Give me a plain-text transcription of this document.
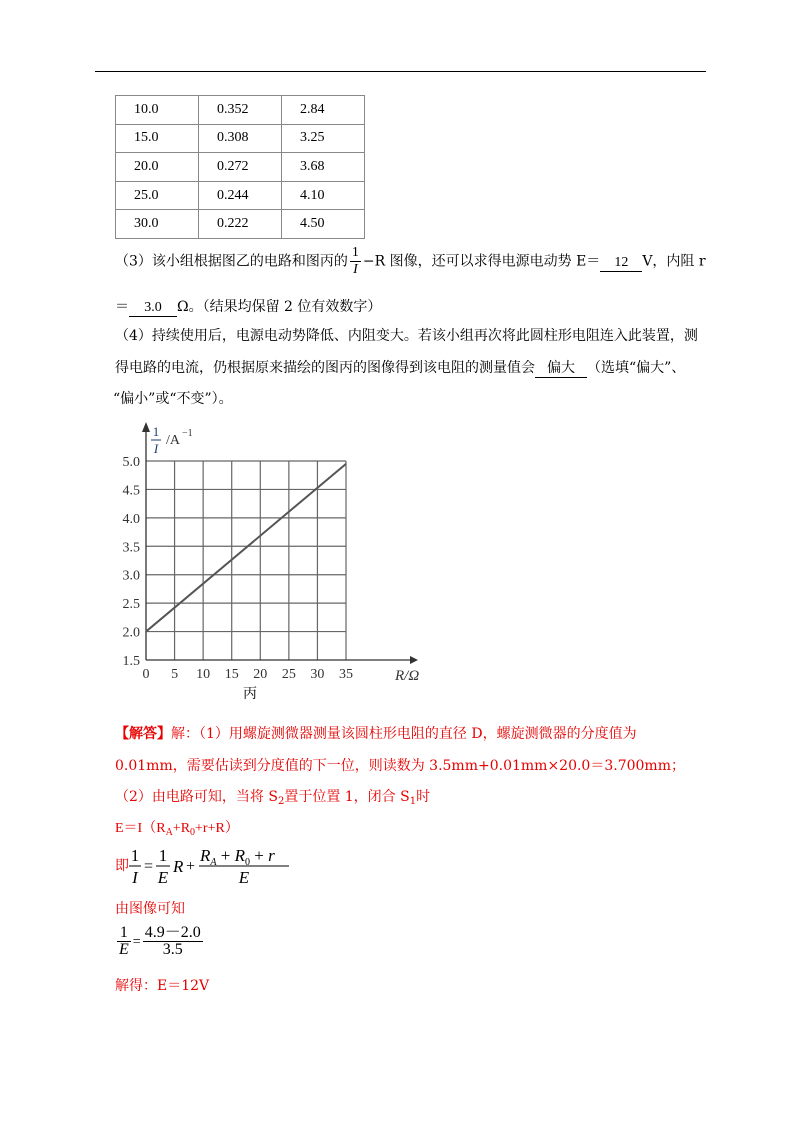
10.0	0.352	2.84
15.0	0.308	3.25
20.0	0.272	3.68
25.0	0.244	4.10
30.0	0.222	4.50
（3）该小组根据图乙的电路和图丙的 $\frac{1}{I} -R$ 图像，还可以求得电源电动势 E＝ 12 V，内阻 r
＝ 3.0 Ω。（结果均保留 2 位有效数字）
（4）持续使用后，电源电动势降低、内阻变大。若该小组再次将此圆柱形电阻连入此装置，测
得电路的电流，仍根据原来描绘的图丙的图像得到该电阻的测量值会 偏大 （选填“偏大”、
“偏小”或“不变”）。
0 5 10 15 20 25 30 35
1.5
2.0
2.5
3.0
3.5
4.0
4.5
5.0
R/Ω
1
I
/A −1
丙
【解答】解：（1）用螺旋测微器测量该圆柱形电阻的直径 D，螺旋测微器的分度值为
0.01mm，需要估读到分度值的下一位，则读数为 3.5mm+0.01mm×20.0＝3.700mm；
（2）由电路可知，当将 $S_2$置于位置 1，闭合 $S_1$时
$E=I(R_A+R_0+r+R)$
即
1
I
=
1
E
R +
$R_A + R_0 + r$
E
由图像可知
$\frac{1}{E} = \frac{4.9-2.0}{3.5}$
解得：E＝12V
